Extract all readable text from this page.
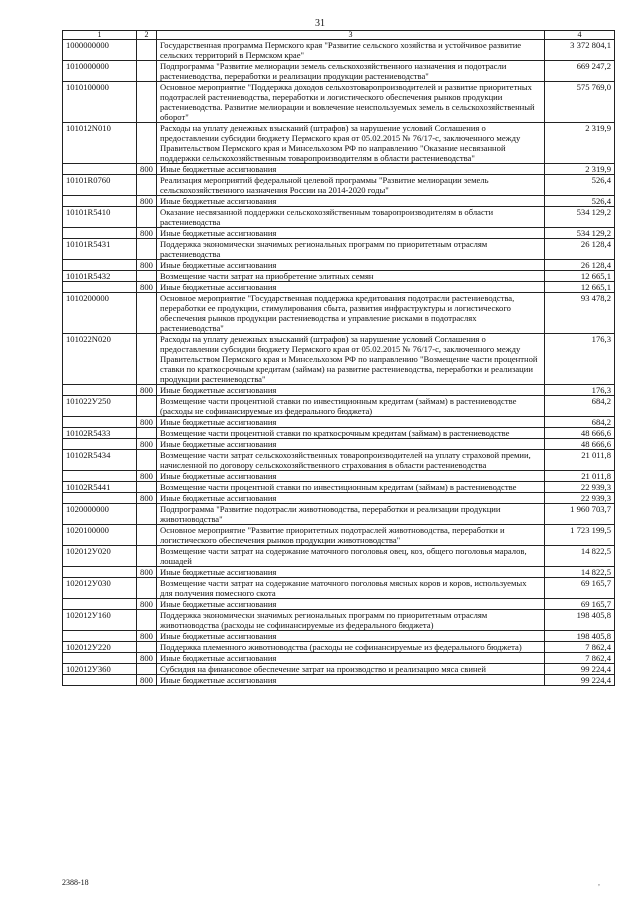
31
1	2	3	4
1000000000		Государственная программа Пермского края "Развитие сельского хозяйства и устойчивое развитие сельских территорий в Пермском крае"	3 372 804,1
1010000000		Подпрограмма "Развитие мелиорации земель сельскохозяйственного назначения и подотрасли растениеводства, переработки и реализации продукции растениеводства"	669 247,2
1010100000		Основное мероприятие "Поддержка доходов сельхозтоваропроизводителей и развитие приоритетных подотраслей растениеводства, переработки и логистического обеспечения рынков продукции растениеводства. Развитие мелиорации и вовлечение неиспользуемых земель в сельскохозяйственный оборот"	575 769,0
101012N010		Расходы на уплату денежных взысканий (штрафов) за нарушение условий Соглашения о предоставлении субсидии бюджету Пермского края от 05.02.2015 № 76/17-с, заключенного между Правительством Пермского края и Минсельхозом РФ по направлению "Оказание несвязанной поддержки сельскохозяйственным товаропроизводителям в области растениеводства"	2 319,9
	800	Иные бюджетные ассигнования	2 319,9
10101R0760		Реализация мероприятий федеральной целевой программы "Развитие мелиорации земель сельскохозяйственного назначения России на 2014-2020 годы"	526,4
	800	Иные бюджетные ассигнования	526,4
10101R5410		Оказание несвязанной поддержки сельскохозяйственным товаропроизводителям в области растениеводства	534 129,2
	800	Иные бюджетные ассигнования	534 129,2
10101R5431		Поддержка экономически значимых региональных программ по приоритетным отраслям растениеводства	26 128,4
	800	Иные бюджетные ассигнования	26 128,4
10101R5432		Возмещение части затрат на приобретение элитных семян	12 665,1
	800	Иные бюджетные ассигнования	12 665,1
1010200000		Основное мероприятие "Государственная поддержка кредитования подотрасли растениеводства, переработки ее продукции, стимулирования сбыта, развития инфраструктуры и логистического обеспечения рынков продукции растениеводства и управление рисками в подотраслях растениеводства"	93 478,2
101022N020		Расходы на уплату денежных взысканий (штрафов) за нарушение условий Соглашения о предоставлении субсидии бюджету Пермского края от 05.02.2015 № 76/17-с, заключенного между Правительством Пермского края и Минсельхозом РФ по направлению "Возмещение части процентной ставки по краткосрочным кредитам (займам) на развитие растениеводства, переработки и реализации продукции растениеводства"	176,3
	800	Иные бюджетные ассигнования	176,3
101022У250		Возмещение части процентной ставки по инвестиционным кредитам (займам) в растениеводстве (расходы не софинансируемые из федерального бюджета)	684,2
	800	Иные бюджетные ассигнования	684,2
10102R5433		Возмещение части процентной ставки по краткосрочным кредитам (займам) в растениеводстве	48 666,6
	800	Иные бюджетные ассигнования	48 666,6
10102R5434		Возмещение части затрат сельскохозяйственных товаропроизводителей на уплату страховой премии, начисленной по договору сельскохозяйственного страхования в области растениеводства	21 011,8
	800	Иные бюджетные ассигнования	21 011,8
10102R5441		Возмещение части процентной ставки по инвестиционным кредитам (займам) в растениеводстве	22 939,3
	800	Иные бюджетные ассигнования	22 939,3
1020000000		Подпрограмма "Развитие подотрасли животноводства, переработки и реализации продукции животноводства"	1 960 703,7
1020100000		Основное мероприятие "Развитие приоритетных подотраслей животноводства, переработки и логистического обеспечения рынков продукции животноводства"	1 723 199,5
102012У020		Возмещение части затрат на содержание маточного поголовья овец, коз, общего поголовья маралов, лошадей	14 822,5
	800	Иные бюджетные ассигнования	14 822,5
102012У030		Возмещение части затрат на содержание маточного поголовья мясных коров и коров, используемых для получения помесного скота	69 165,7
	800	Иные бюджетные ассигнования	69 165,7
102012У160		Поддержка экономически значимых региональных программ по приоритетным отраслям животноводства (расходы не софинансируемые из федерального бюджета)	198 405,8
	800	Иные бюджетные ассигнования	198 405,8
102012У220		Поддержка племенного животноводства (расходы не софинансируемые из федерального бюджета)	7 862,4
	800	Иные бюджетные ассигнования	7 862,4
102012У360		Субсидия на финансовое обеспечение затрат на производство и реализацию мяса свиней	99 224,4
	800	Иные бюджетные ассигнования	99 224,4
2388-18	,
